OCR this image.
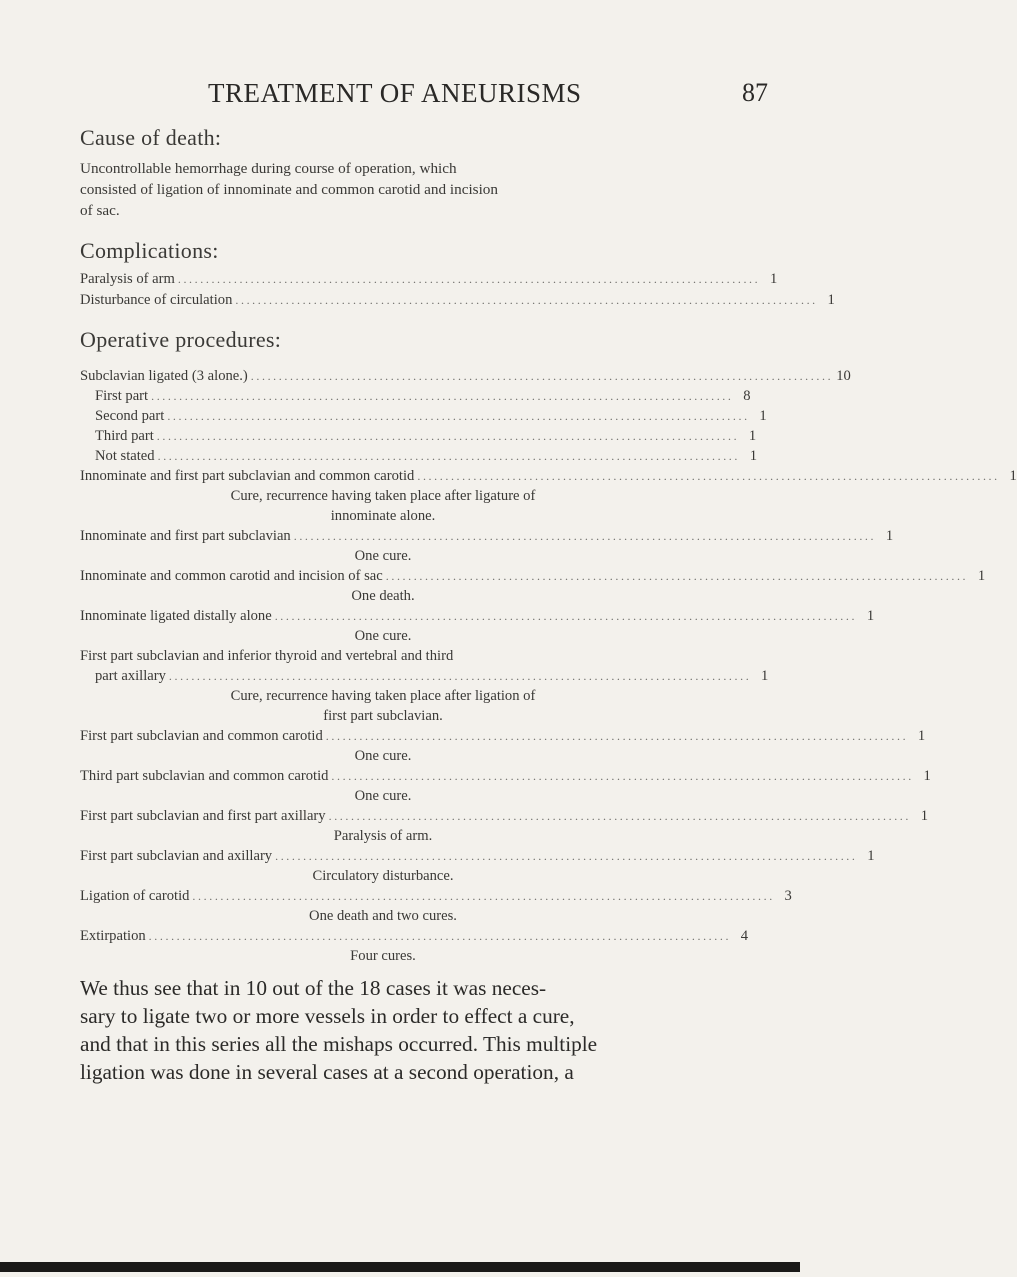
TREATMENT OF ANEURISMS	87
Cause of death:
Uncontrollable hemorrhage during course of operation, which
consisted of ligation of innominate and common carotid and incision
of sac.
Complications:
Paralysis of arm ........................................................................................................ 1
Disturbance of circulation ........................................................................................................ 1
Operative procedures:
Subclavian ligated (3 alone.) ........................................................................................................ 10
First part ........................................................................................................ 8
Second part ........................................................................................................ 1
Third part ........................................................................................................ 1
Not stated ........................................................................................................ 1
Innominate and first part subclavian and common carotid ........................................................................................................ 1
Cure, recurrence having taken place after ligature of
innominate alone.
Innominate and first part subclavian ........................................................................................................ 1
One cure.
Innominate and common carotid and incision of sac ........................................................................................................ 1
One death.
Innominate ligated distally alone ........................................................................................................ 1
One cure.
First part subclavian and inferior thyroid and vertebral and third
part axillary ........................................................................................................ 1
Cure, recurrence having taken place after ligation of
first part subclavian.
First part subclavian and common carotid ........................................................................................................ 1
One cure.
Third part subclavian and common carotid ........................................................................................................ 1
One cure.
First part subclavian and first part axillary ........................................................................................................ 1
Paralysis of arm.
First part subclavian and axillary ........................................................................................................ 1
Circulatory disturbance.
Ligation of carotid ........................................................................................................ 3
One death and two cures.
Extirpation ........................................................................................................ 4
Four cures.
We thus see that in 10 out of the 18 cases it was neces-
sary to ligate two or more vessels in order to effect a cure,
and that in this series all the mishaps occurred. This multiple
ligation was done in several cases at a second operation, a
